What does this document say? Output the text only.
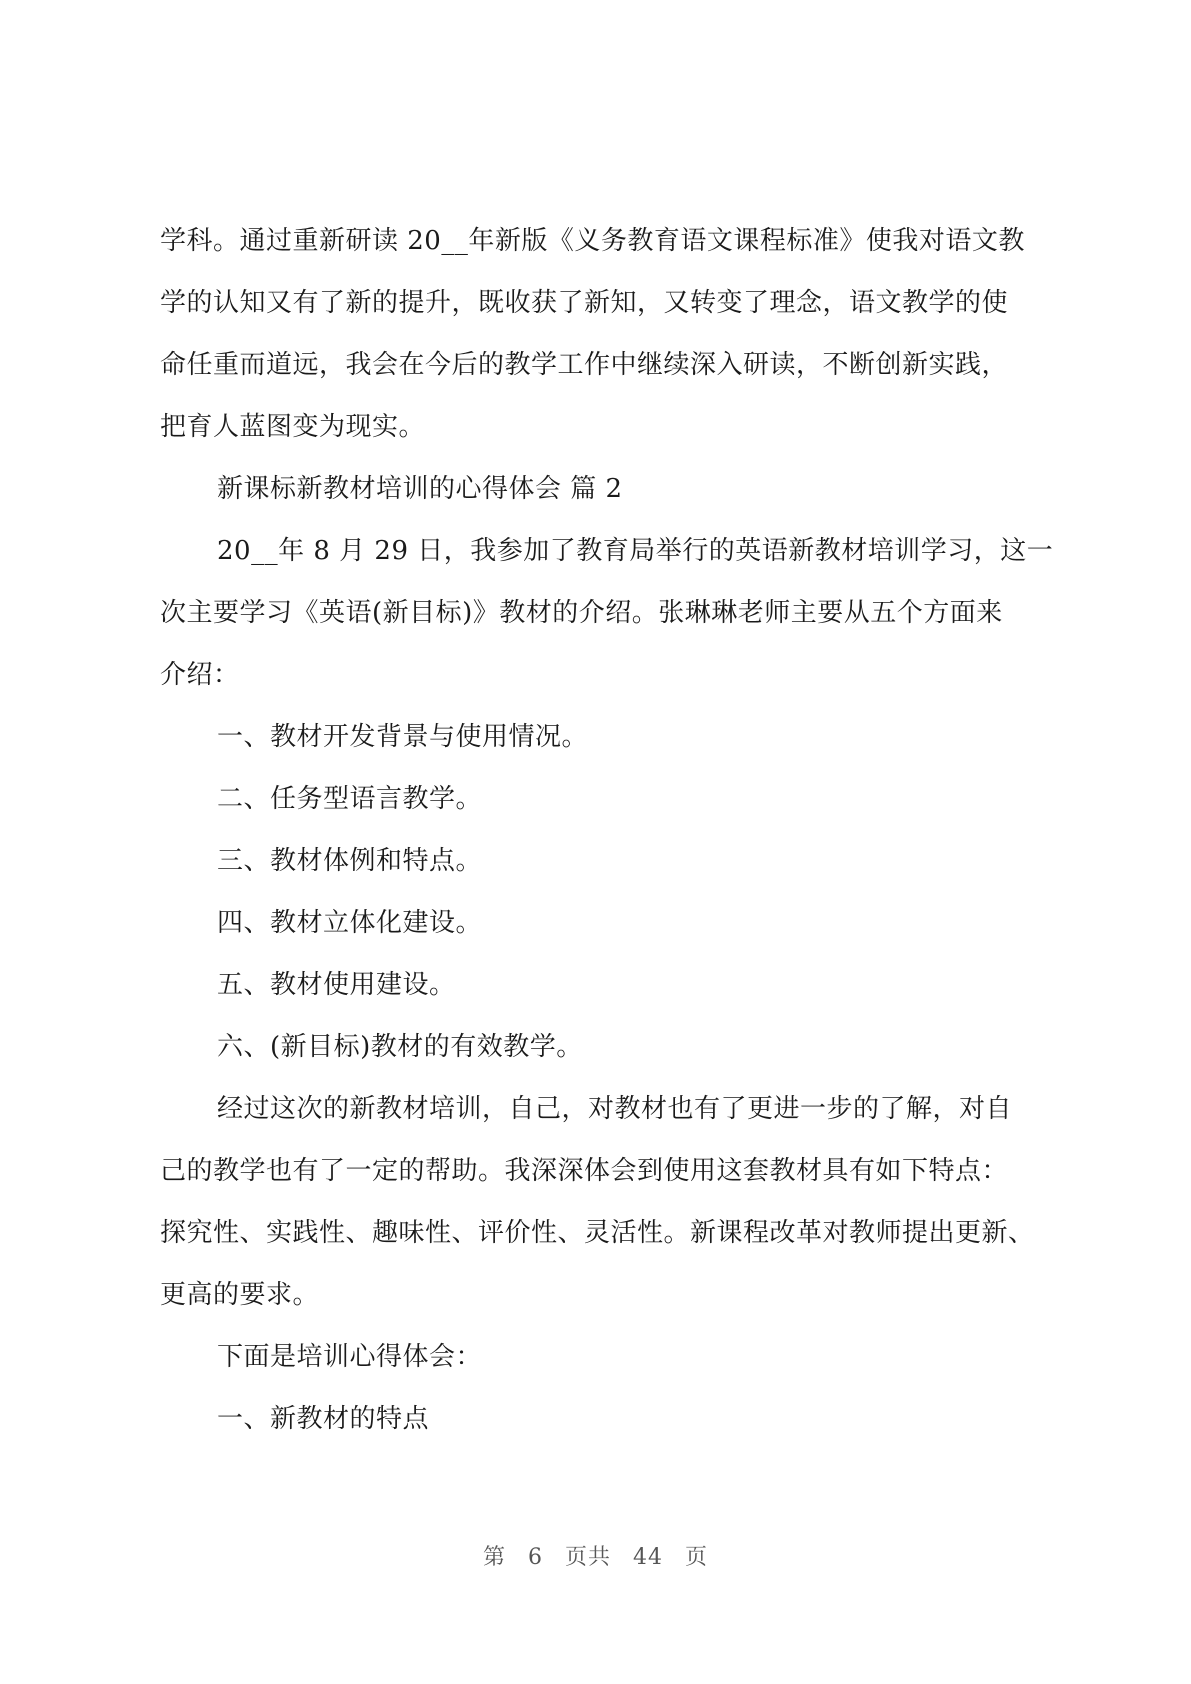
学科。通过重新研读 20__年新版《义务教育语文课程标准》使我对语文教
学的认知又有了新的提升，既收获了新知，又转变了理念，语文教学的使
命任重而道远，我会在今后的教学工作中继续深入研读，不断创新实践，
把育人蓝图变为现实。
新课标新教材培训的心得体会 篇 2
20__年 8 月 29 日，我参加了教育局举行的英语新教材培训学习，这一
次主要学习《英语(新目标)》教材的介绍。张琳琳老师主要从五个方面来
介绍：
一、教材开发背景与使用情况。
二、任务型语言教学。
三、教材体例和特点。
四、教材立体化建设。
五、教材使用建设。
六、(新目标)教材的有效教学。
经过这次的新教材培训，自己，对教材也有了更进一步的了解，对自
己的教学也有了一定的帮助。我深深体会到使用这套教材具有如下特点：
探究性、实践性、趣味性、评价性、灵活性。新课程改革对教师提出更新、
更高的要求。
下面是培训心得体会：
一、新教材的特点
第 6 页共 44 页
